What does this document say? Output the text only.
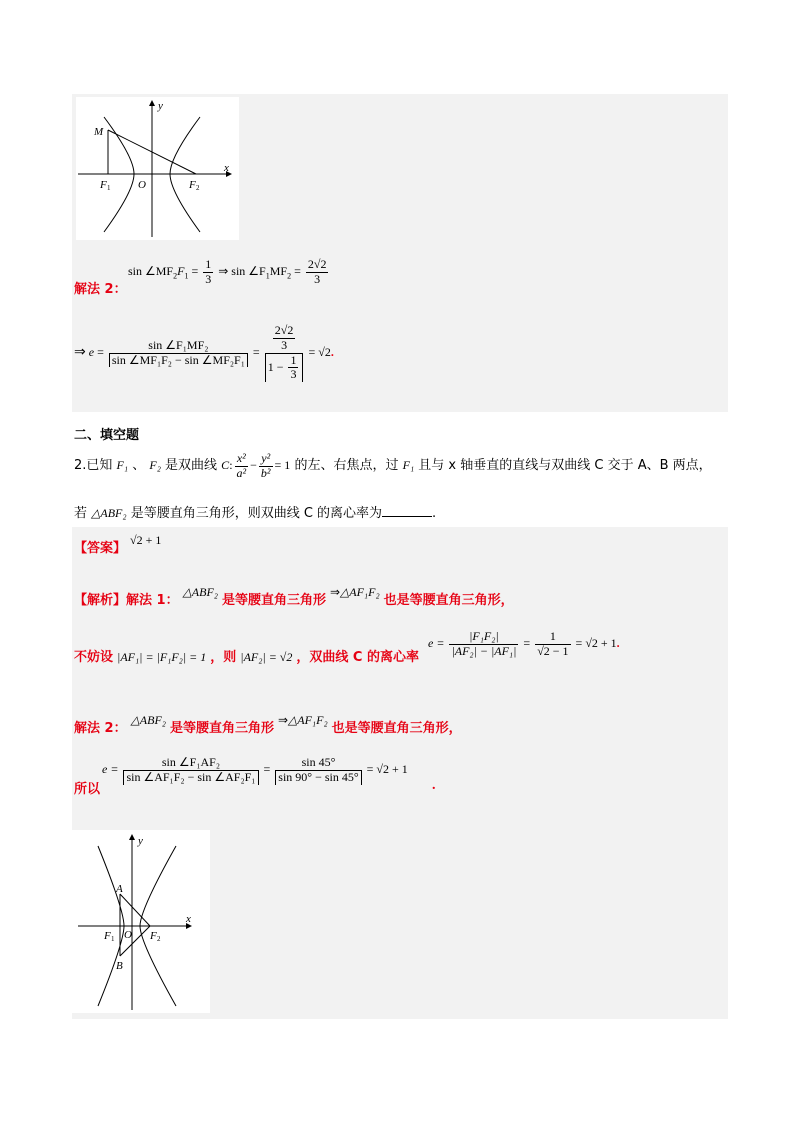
y
x
M
F 1	O	F 2
解法 2：
$\sin \angle MF_2F_1 = \frac{1}{3}$ ⇒ $\sin \angle F_1MF_2 = \frac{2√2}{3}$
⇒ $e = \frac{\text{sin ∠F₁MF₂}}{\text{sin ∠MF₁F₂ − sin ∠MF₂F₁}} = \frac{\frac{2√2}{3}}{1 - \frac{1}{3}} = √2$.
二、填空题
2.已知 F₁ 、 F₂ 是双曲线 C: $\frac{\text{x²}}{\text{a²}} - \frac{\text{y²}}{\text{b²}} = 1$ 的左、右焦点，过 F₁ 且与 x 轴垂直的直线与双曲线 C 交于 A、B 两点，
若 △ABF₂ 是等腰直角三角形，则双曲线 C 的离心率为	.
【答案】 $^{√2 + 1}$
【解析】解法 1： $^{\triangle ABF_2}$ 是等腰直角三角形 $^{\Rightarrow\triangle AF_1F_2}$ 也是等腰直角三角形，
不妨设 |AF₁| = |F₁F₂| = 1 ，则 |AF₂| = √2 ，双曲线 C 的离心率
$e = \frac{\text{|F₁F₂|}}{\text{|AF₂| − |AF₁|}} = \frac{1}{√2 - 1} = √2 + 1$.
解法 2： $^{\triangle ABF_2}$ 是等腰直角三角形 $^{\Rightarrow\triangle AF_1F_2}$ 也是等腰直角三角形，
所以
$e = \frac{\text{sin ∠F₁AF₂}}{\text{sin ∠AF₁F₂ − sin ∠AF₂F₁}} = \frac{\sin 45^\circ}{\sin 90^\circ - \sin 45^\circ} = √2 + 1$
.
y
x
A
B
F 1 O F 2
